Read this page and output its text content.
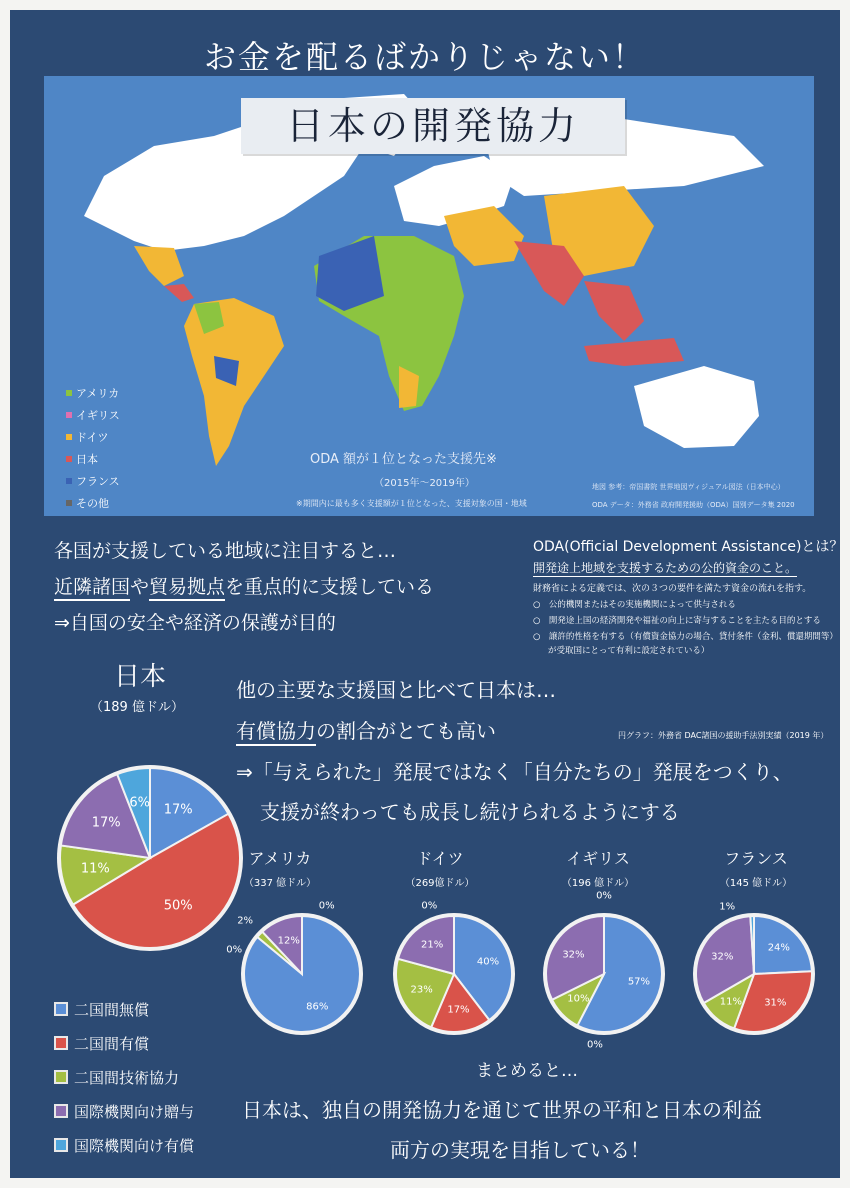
お金を配るばかりじゃない！
日本の開発協力
アメリカ
イギリス
ドイツ
日本
フランス
その他
ODA 額が１位となった支援先※
（2015年〜2019年）
※期間内に最も多く支援額が１位となった、支援対象の国・地域
地図 参考：帝国書院 世界地図ヴィジュアル図法（日本中心）
ODA データ：外務省 政府開発援助（ODA）国別データ集 2020
各国が支援している地域に注目すると…
近隣諸国や貿易拠点を重点的に支援している
⇒自国の安全や経済の保護が目的
ODA(Official Development Assistance)とは？
開発途上地域を支援するための公的資金のこと。
財務省による定義では、次の３つの要件を満たす資金の流れを指す。
○　公的機関またはその実施機関によって供与される
○　開発途上国の経済開発や福祉の向上に寄与することを主たる目的とする
○　譲許的性格を有する（有償資金協力の場合、貸付条件（金利、償還期間等）
が受取国にとって有利に設定されている）
日本
（189 億ドル）
他の主要な支援国と比べて日本は…
有償協力の割合がとても高い	円グラフ：外務省 DAC諸国の援助手法別実績（2019 年）
⇒「与えられた」発展ではなく「自分たちの」発展をつくり、
支援が終わっても成長し続けられるようにする
アメリカ
（337 億ドル）
ドイツ
（269億ドル）
イギリス
（196 億ドル）
フランス
（145 億ドル）
17%
50%
11%
17%
6%
86%
0%
2%
12%
0%
40%
17%
23%
21%
0%
57%
0%
10%
32%
0%
24%
31%
11%
32%
1%
二国間無償
二国間有償
二国間技術協力
国際機関向け贈与
国際機関向け有償
まとめると…
日本は、独自の開発協力を通じて世界の平和と日本の利益
両方の実現を目指している！
